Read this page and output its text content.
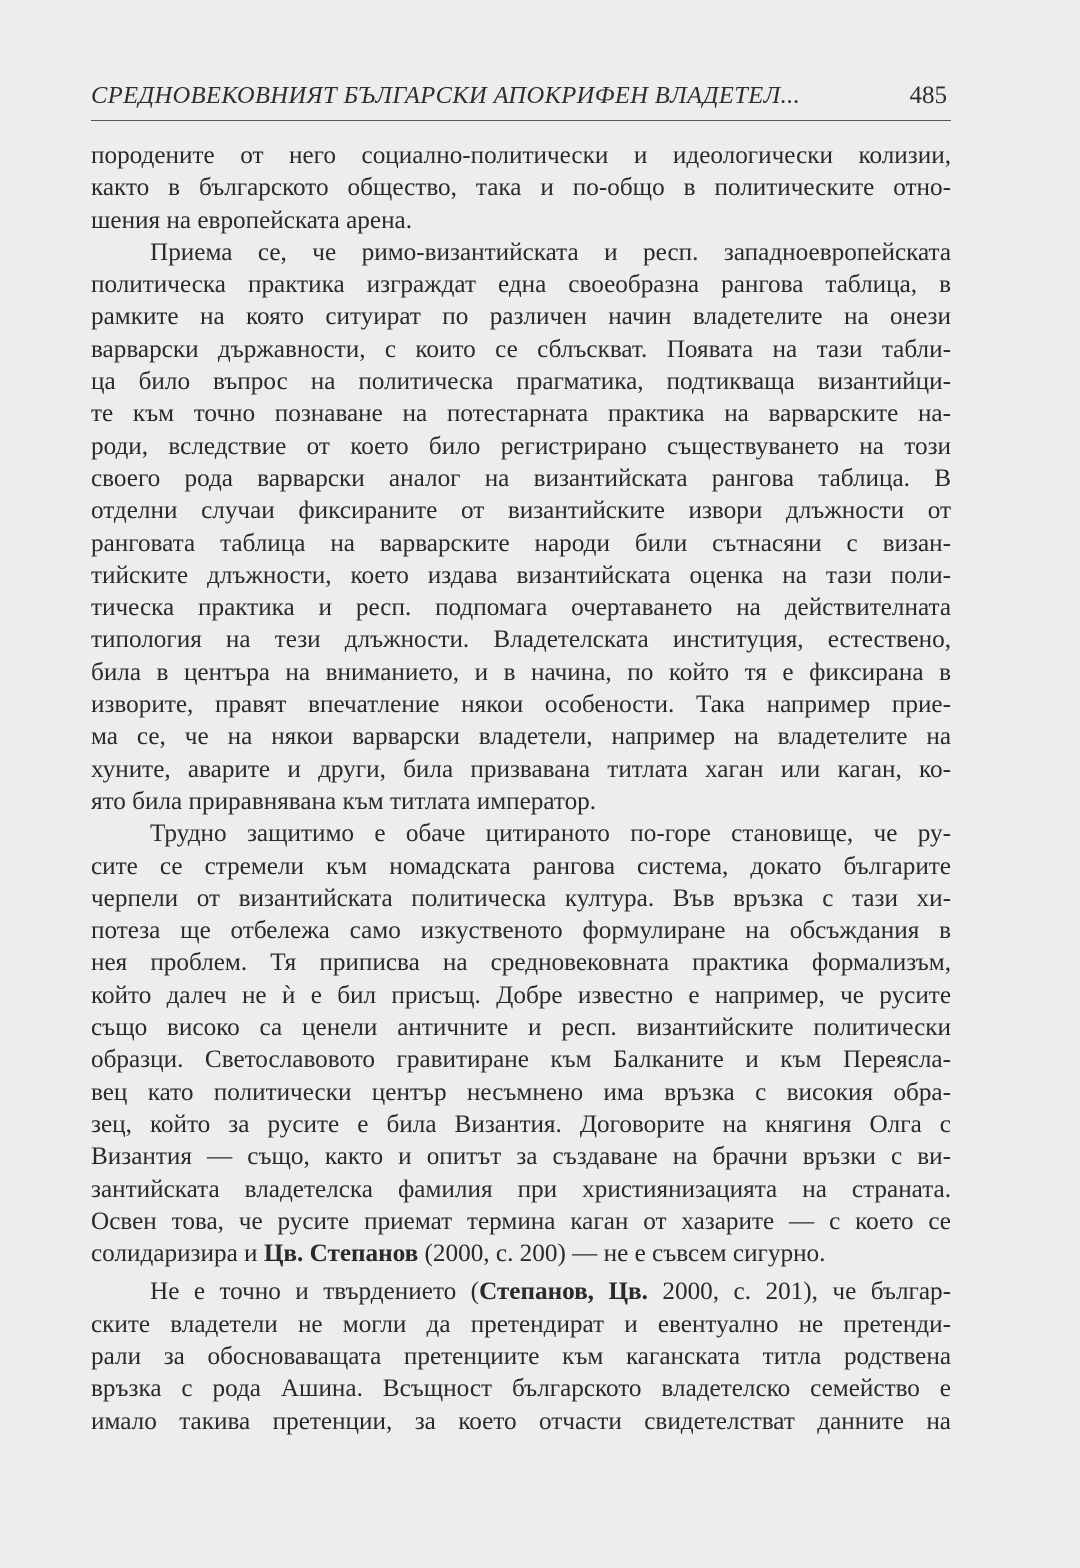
СРЕДНОВЕКОВНИЯТ БЪЛГАРСКИ АПОКРИФЕН ВЛАДЕТЕЛ...	485

породените от него социално-политически и идеологически колизии,
както в българското общество, така и по-общо в политическите отно-
шения на европейската арена.

Приема се, че римо-византийската и респ. западноевропейската
политическа практика изграждат една своеобразна рангова таблица, в
рамките на която ситуират по различен начин владетелите на онези
варварски държавности, с които се сблъскват. Появата на тази табли-
ца било въпрос на политическа прагматика, подтикваща византийци-
те към точно познаване на потестарната практика на варварските на-
роди, вследствие от което било регистрирано съществуването на този
своего рода варварски аналог на византийската рангова таблица. В
отделни случаи фиксираните от византийските извори длъжности от
ранговата таблица на варварските народи били сътнасяни с визан-
тийските длъжности, което издава византийската оценка на тази поли-
тическа практика и респ. подпомага очертаването на действителната
типология на тези длъжности. Владетелската институция, естествено,
била в центъра на вниманието, и в начина, по който тя е фиксирана в
изворите, правят впечатление някои особености. Така например прие-
ма се, че на някои варварски владетели, например на владетелите на
хуните, аварите и други, била призвавана титлата хаган или каган, ко-
ято била приравнявана към титлата император.

Трудно защитимо е обаче цитираното по-горе становище, че ру-
сите се стремели към номадската рангова система, докато българите
черпели от византийската политическа култура. Във връзка с тази хи-
потеза ще отбележа само изкуственото формулиране на обсъждания в
нея проблем. Тя приписва на средновековната практика формализъм,
който далеч не ѝ е бил присъщ. Добре известно е например, че русите
също високо са ценели античните и респ. византийските политически
образци. Светославовото гравитиране към Балканите и към Переясла-
вец като политически център несъмнено има връзка с високия обра-
зец, който за русите е била Византия. Договорите на княгиня Олга с
Византия — също, както и опитът за създаване на брачни връзки с ви-
зантийската владетелска фамилия при християнизацията на страната.
Освен това, че русите приемат термина каган от хазарите — с което се
солидаризира и Цв. Степанов (2000, с. 200) — не е съвсем сигурно.

Не е точно и твърдението (Степанов, Цв. 2000, с. 201), че българ-
ските владетели не могли да претендират и евентуално не претенди-
рали за обосноваващата претенциите към каганската титла родствена
връзка с рода Ашина. Всъщност българското владетелско семейство е
имало такива претенции, за което отчасти свидетелстват данните на
